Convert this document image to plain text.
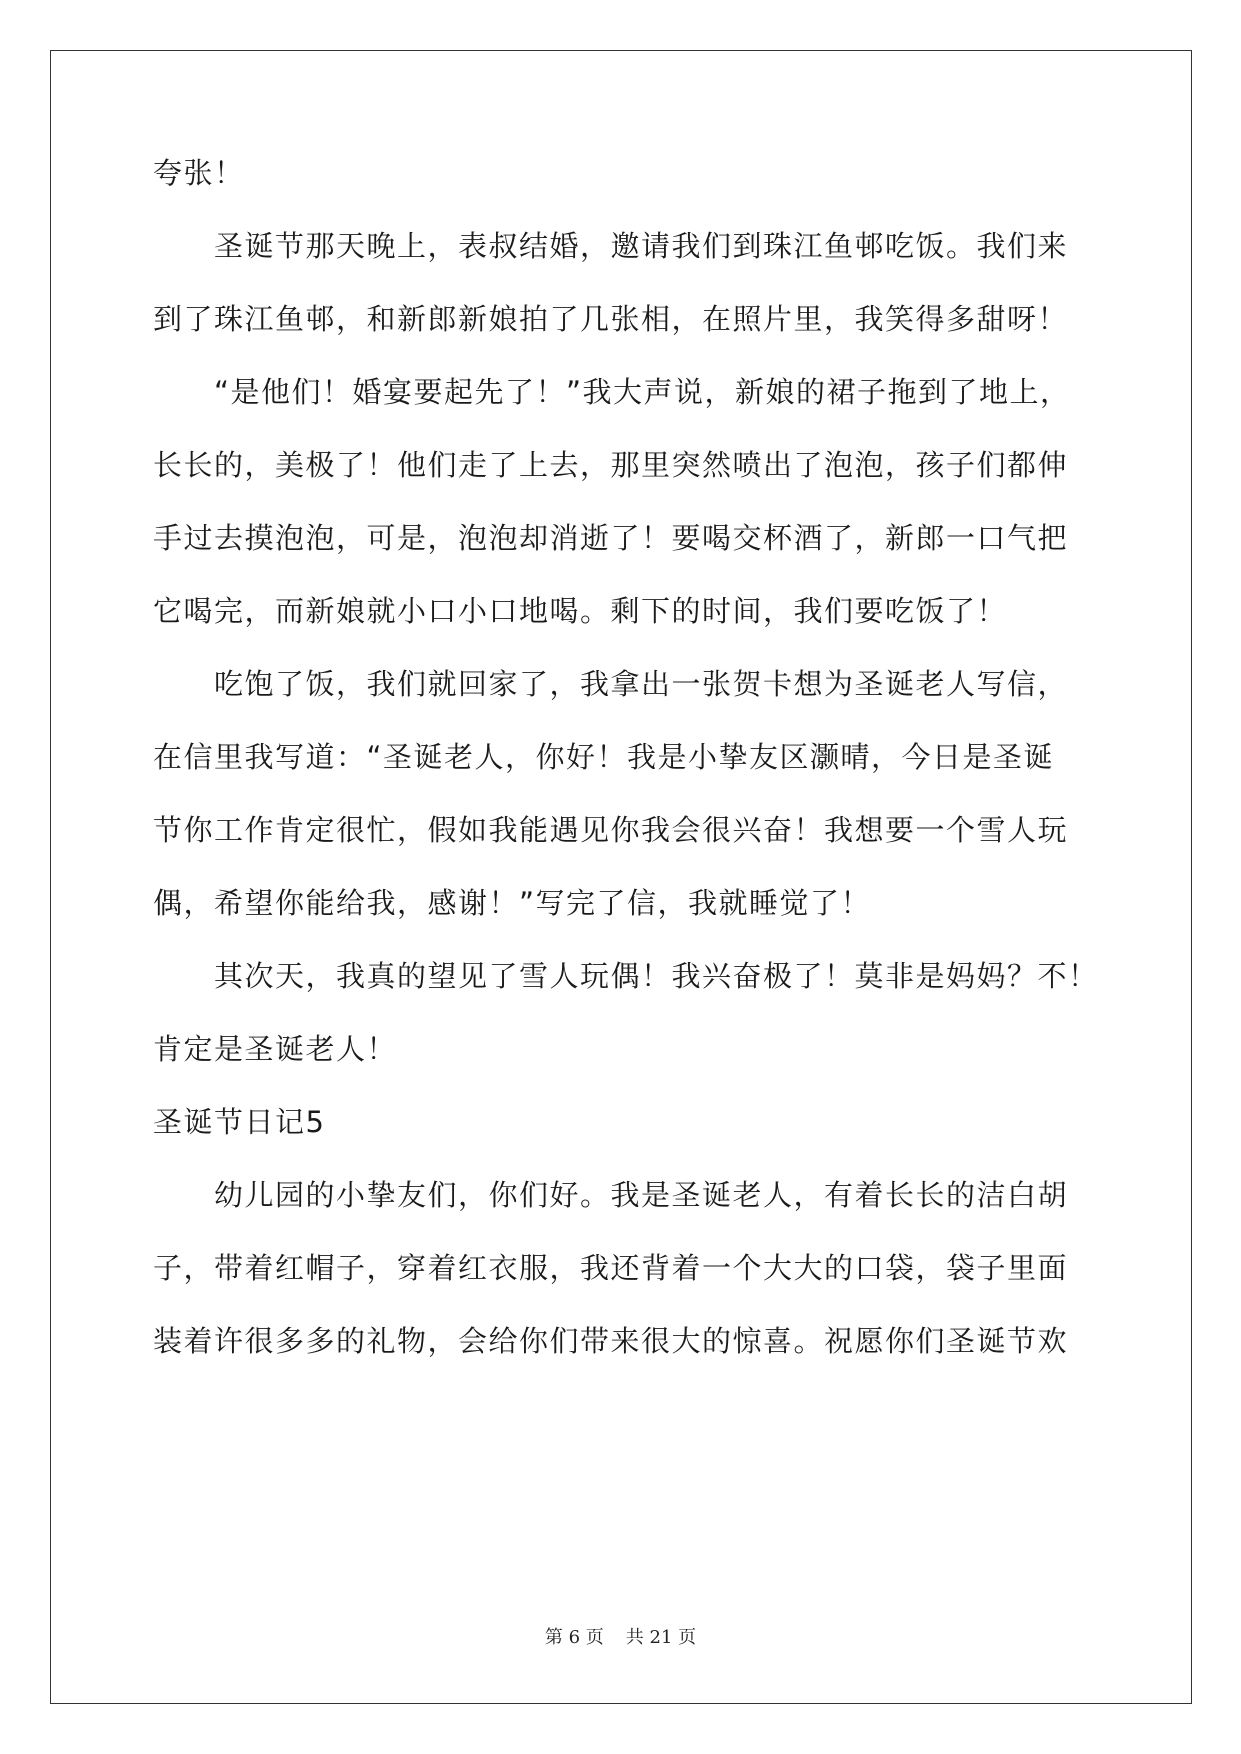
夸张！
圣诞节那天晚上，表叔结婚，邀请我们到珠江鱼邨吃饭。我们来
到了珠江鱼邨，和新郎新娘拍了几张相，在照片里，我笑得多甜呀！
“是他们！婚宴要起先了！”我大声说，新娘的裙子拖到了地上，
长长的，美极了！他们走了上去，那里突然喷出了泡泡，孩子们都伸
手过去摸泡泡，可是，泡泡却消逝了！要喝交杯酒了，新郎一口气把
它喝完，而新娘就小口小口地喝。剩下的时间，我们要吃饭了！
吃饱了饭，我们就回家了，我拿出一张贺卡想为圣诞老人写信，
在信里我写道：“圣诞老人，你好！我是小挚友区灏晴，今日是圣诞
节你工作肯定很忙，假如我能遇见你我会很兴奋！我想要一个雪人玩
偶，希望你能给我，感谢！”写完了信，我就睡觉了！
其次天，我真的望见了雪人玩偶！我兴奋极了！莫非是妈妈？不！
肯定是圣诞老人！
圣诞节日记5
幼儿园的小挚友们，你们好。我是圣诞老人，有着长长的洁白胡
子，带着红帽子，穿着红衣服，我还背着一个大大的口袋，袋子里面
装着许很多多的礼物，会给你们带来很大的惊喜。祝愿你们圣诞节欢
第 6 页 共 21 页
